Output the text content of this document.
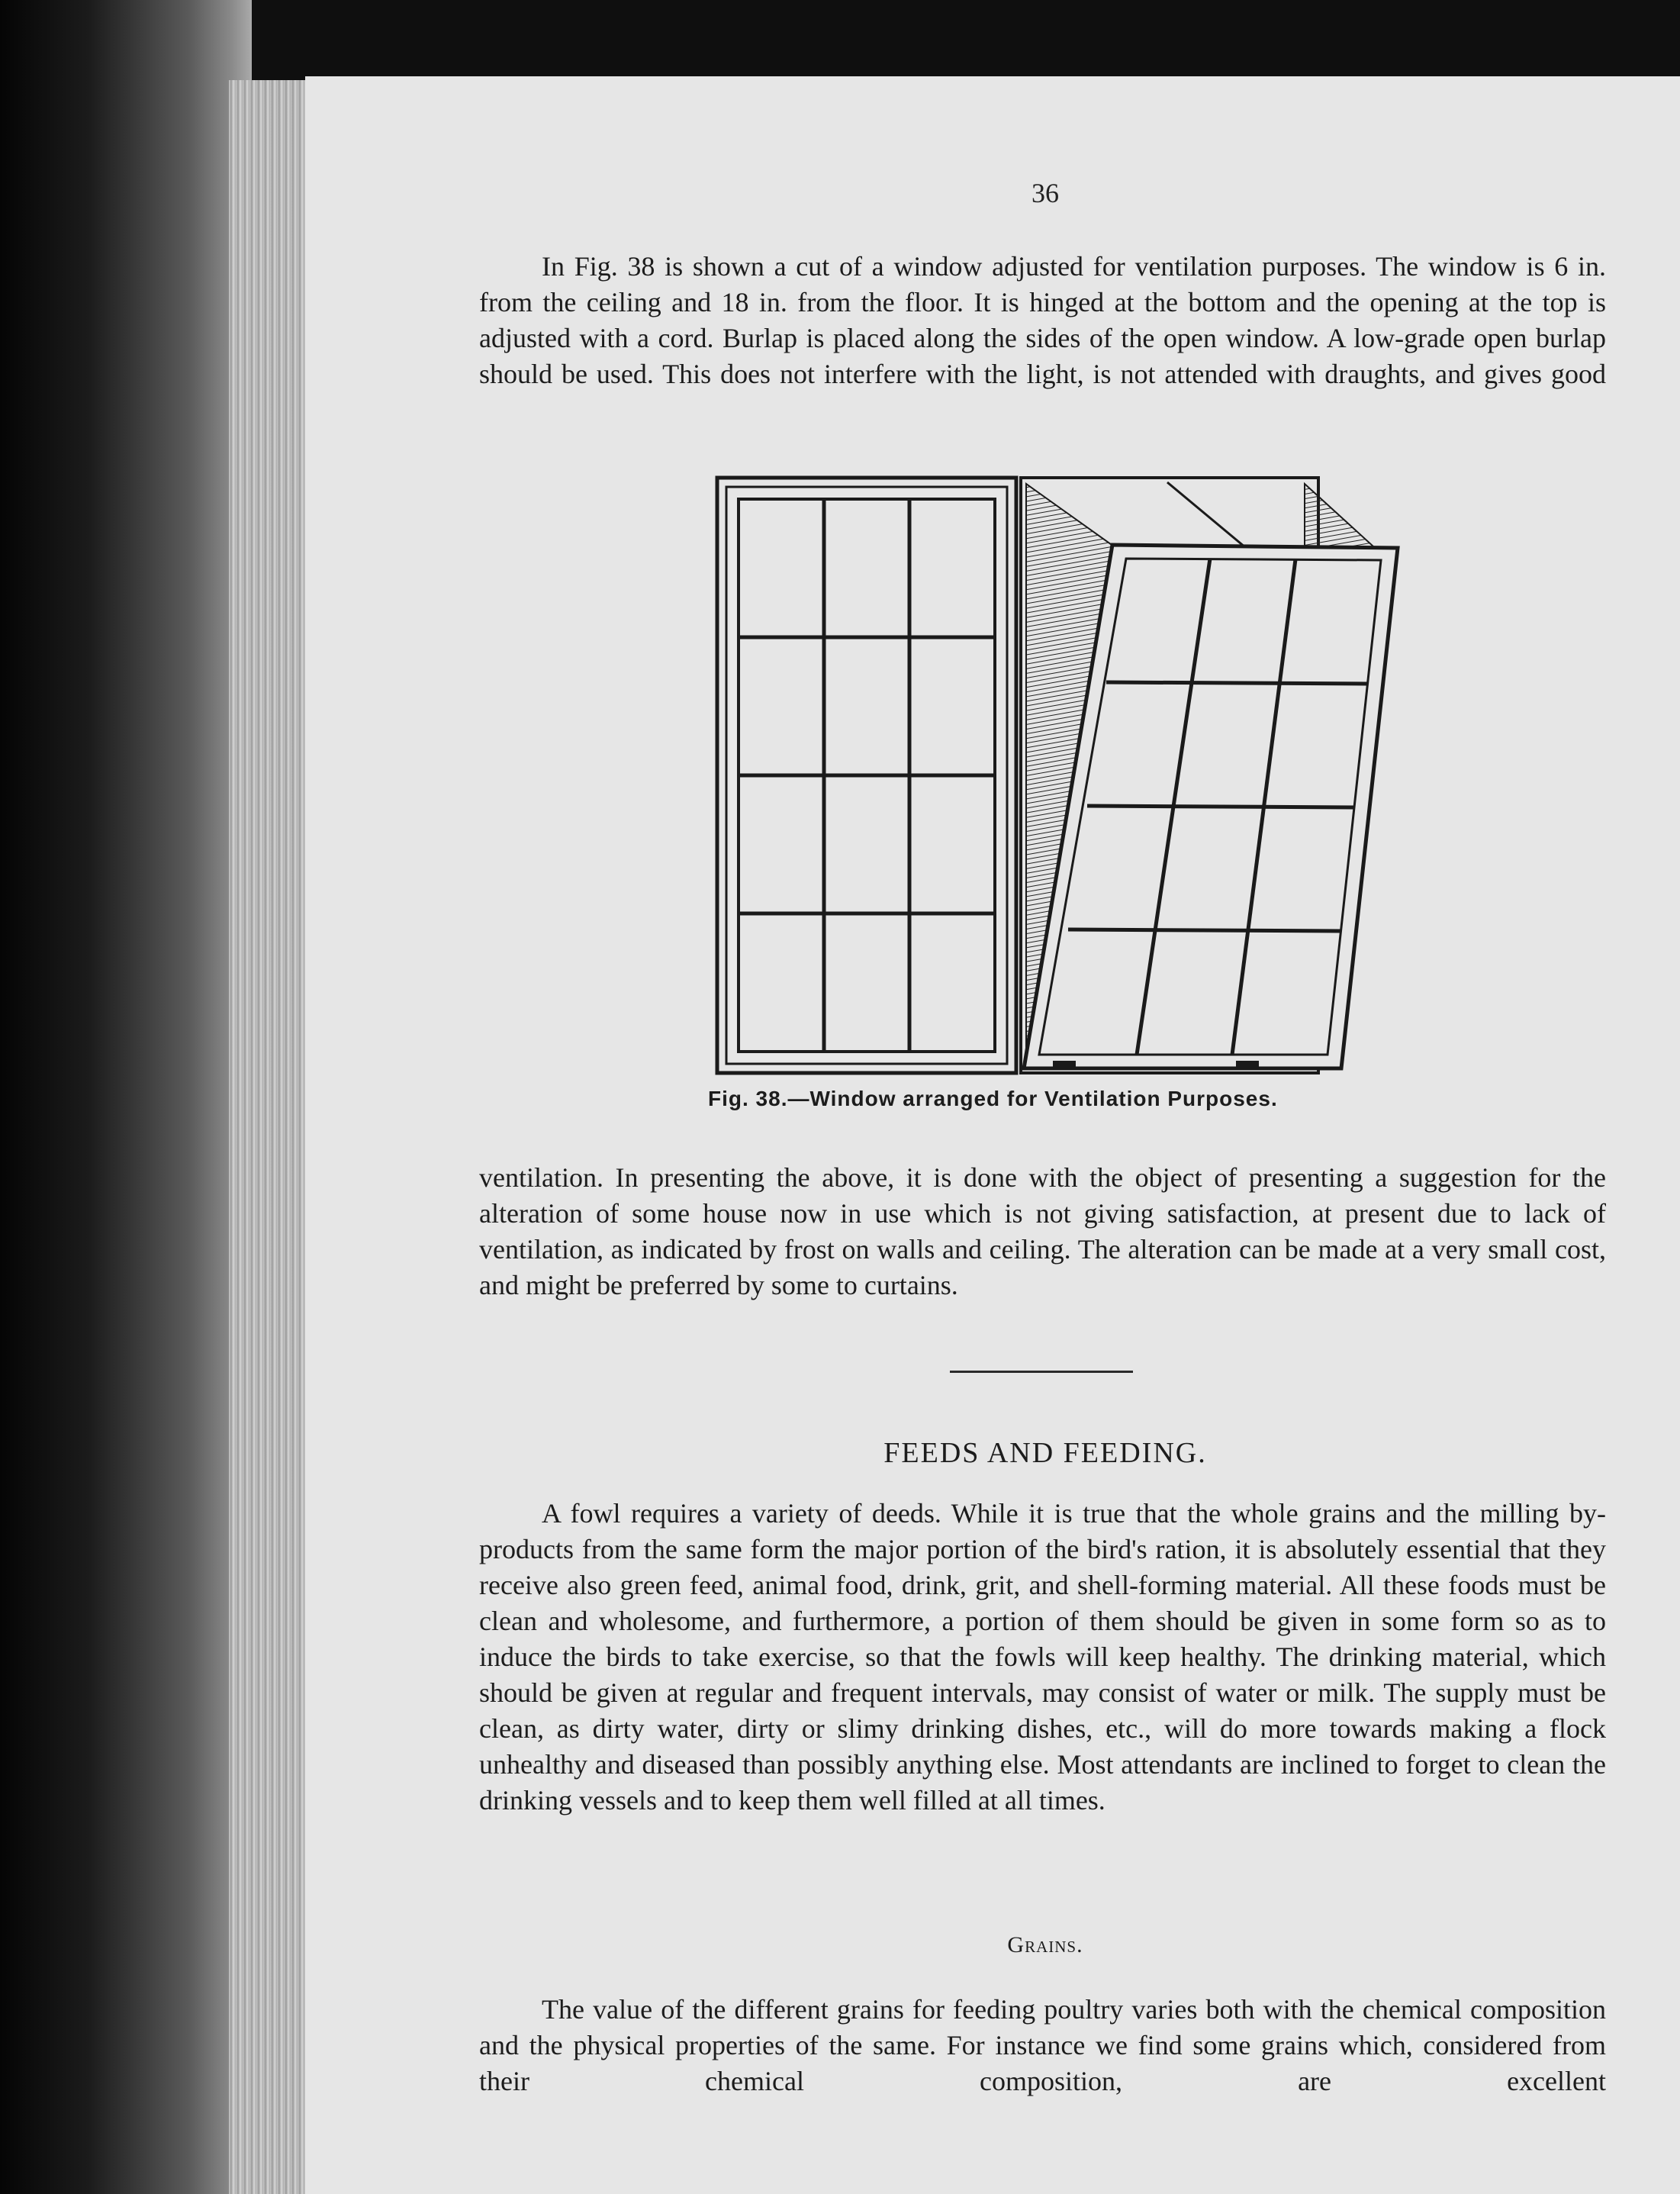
36
In Fig. 38 is shown a cut of a window adjusted for ventilation purposes. The window is 6 in. from the ceiling and 18 in. from the floor. It is hinged at the bottom and the opening at the top is adjusted with a cord. Burlap is placed along the sides of the open window. A low-grade open burlap should be used. This does not interfere with the light, is not attended with draughts, and gives good
Fig. 38.—Window arranged for Ventilation Purposes.
ventilation. In presenting the above, it is done with the object of presenting a suggestion for the alteration of some house now in use which is not giving satisfaction, at present due to lack of ventilation, as indicated by frost on walls and ceiling. The alteration can be made at a very small cost, and might be preferred by some to curtains.
FEEDS AND FEEDING.
A fowl requires a variety of deeds. While it is true that the whole grains and the milling by-products from the same form the major portion of the bird's ration, it is absolutely essential that they receive also green feed, animal food, drink, grit, and shell-forming material. All these foods must be clean and wholesome, and furthermore, a portion of them should be given in some form so as to induce the birds to take exercise, so that the fowls will keep healthy. The drinking material, which should be given at regular and frequent intervals, may consist of water or milk. The supply must be clean, as dirty water, dirty or slimy drinking dishes, etc., will do more towards making a flock unhealthy and diseased than possibly anything else. Most attendants are inclined to forget to clean the drinking vessels and to keep them well filled at all times.
Grains.
The value of the different grains for feeding poultry varies both with the chemical composition and the physical properties of the same. For instance we find some grains which, considered from their chemical composition, are excellent
